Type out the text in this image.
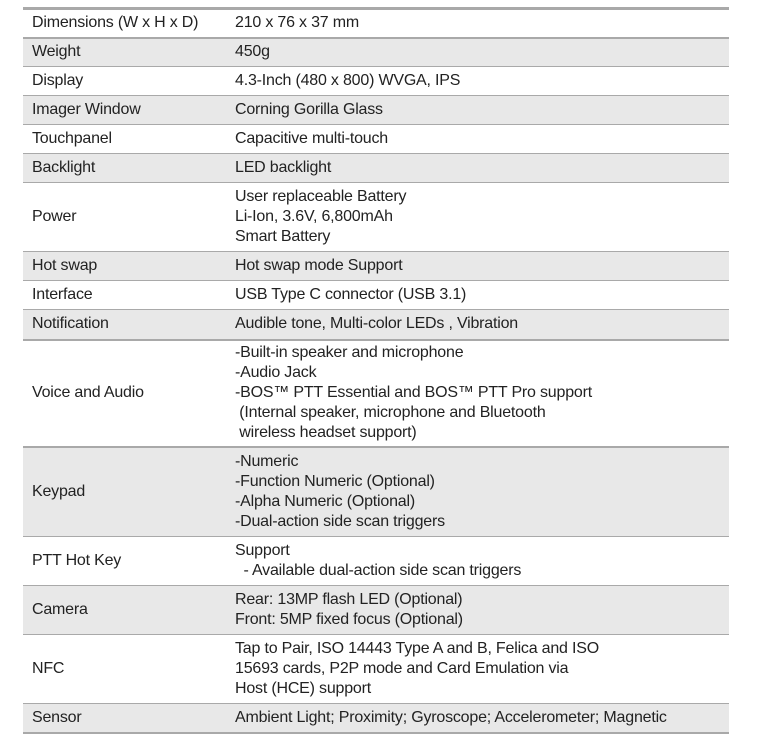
Dimensions (W x H x D)	210 x 76 x 37 mm

Weight	450g

Display	4.3-Inch (480 x 800) WVGA, IPS

Imager Window	Corning Gorilla Glass

Touchpanel	Capacitive multi-touch

Backlight	LED backlight

Power	User replaceable Battery
Li-Ion, 3.6V, 6,800mAh
Smart Battery

Hot swap	Hot swap mode Support

Interface	USB Type C connector (USB 3.1)

Notification	Audible tone, Multi-color LEDs , Vibration

Voice and Audio	-Built-in speaker and microphone
-Audio Jack
-BOS™ PTT Essential and BOS™ PTT Pro support
(Internal speaker, microphone and Bluetooth
wireless headset support)

Keypad	-Numeric
-Function Numeric (Optional)
-Alpha Numeric (Optional)
-Dual-action side scan triggers

PTT Hot Key	Support
- Available dual-action side scan triggers

Camera	Rear: 13MP flash LED (Optional)
Front: 5MP fixed focus (Optional)

NFC	Tap to Pair, ISO 14443 Type A and B, Felica and ISO
15693 cards, P2P mode and Card Emulation via
Host (HCE) support

Sensor	Ambient Light; Proximity; Gyroscope; Accelerometer; Magnetic
